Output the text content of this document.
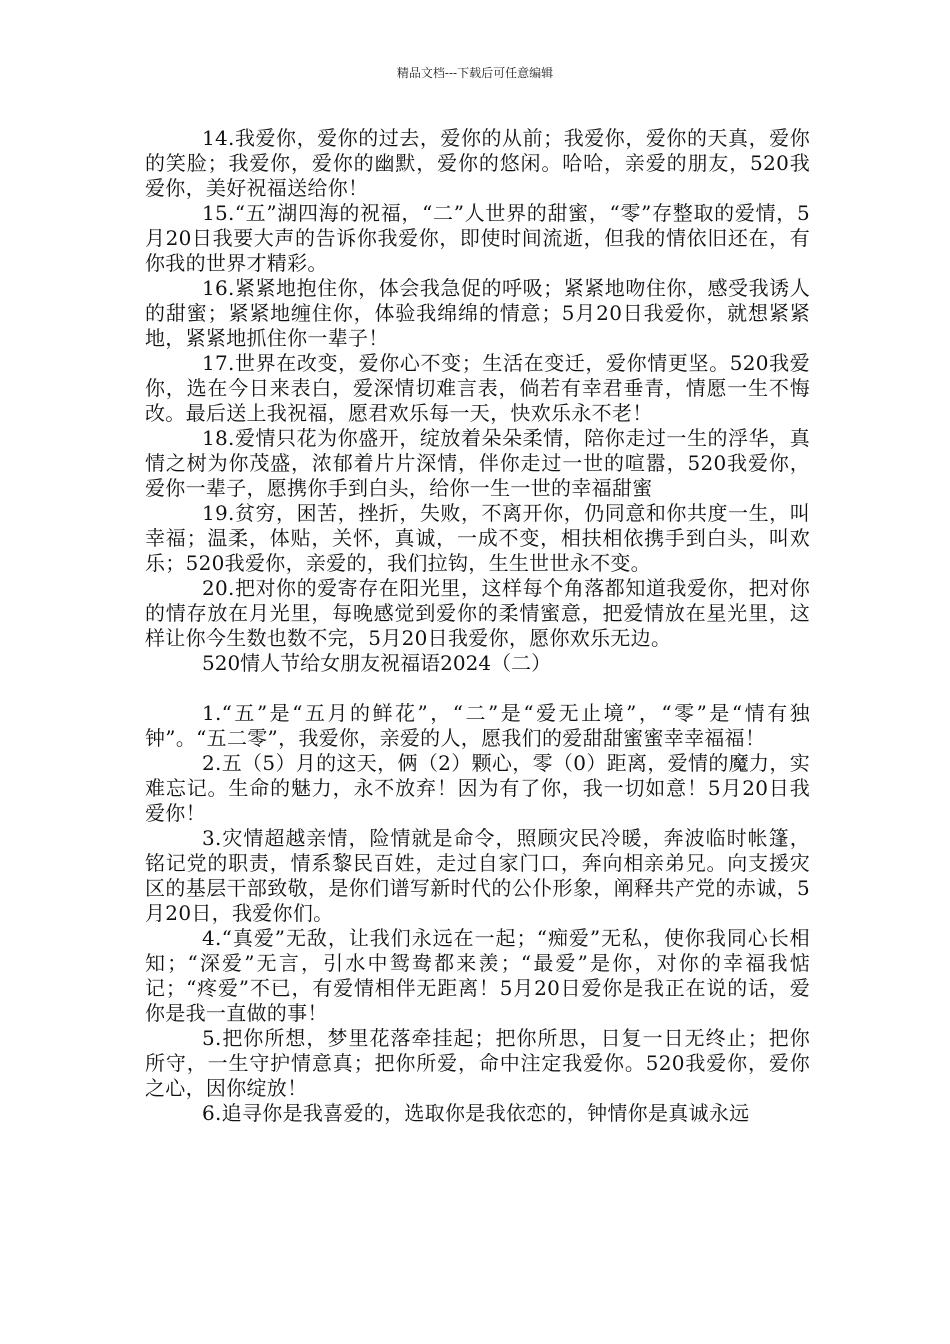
精品文档---下载后可任意编辑

14.我爱你，爱你的过去，爱你的从前；我爱你，爱你的天真，爱你的笑脸；我爱你，爱你的幽默，爱你的悠闲。哈哈，亲爱的朋友，520我爱你，美好祝福送给你！

15.“五”湖四海的祝福，“二”人世界的甜蜜，“零”存整取的爱情，5月20日我要大声的告诉你我爱你，即使时间流逝，但我的情依旧还在，有你我的世界才精彩。

16.紧紧地抱住你，体会我急促的呼吸；紧紧地吻住你，感受我诱人的甜蜜；紧紧地缠住你，体验我绵绵的情意；5月20日我爱你，就想紧紧地，紧紧地抓住你一辈子！

17.世界在改变，爱你心不变；生活在变迁，爱你情更坚。520我爱你，选在今日来表白，爱深情切难言表，倘若有幸君垂青，情愿一生不悔改。最后送上我祝福，愿君欢乐每一天，快欢乐永不老！

18.爱情只花为你盛开，绽放着朵朵柔情，陪你走过一生的浮华，真情之树为你茂盛，浓郁着片片深情，伴你走过一世的喧嚣，520我爱你，爱你一辈子，愿携你手到白头，给你一生一世的幸福甜蜜

19.贫穷，困苦，挫折，失败，不离开你，仍同意和你共度一生，叫幸福；温柔，体贴，关怀，真诚，一成不变，相扶相依携手到白头，叫欢乐；520我爱你，亲爱的，我们拉钩，生生世世永不变。

20.把对你的爱寄存在阳光里，这样每个角落都知道我爱你，把对你的情存放在月光里，每晚感觉到爱你的柔情蜜意，把爱情放在星光里，这样让你今生数也数不完，5月20日我爱你，愿你欢乐无边。

520情人节给女朋友祝福语2024（二）

1.“五”是“五月的鲜花”，“二”是“爱无止境”，“零”是“情有独钟”。“五二零”，我爱你，亲爱的人，愿我们的爱甜甜蜜蜜幸幸福福！

2.五（5）月的这天，俩（2）颗心，零（0）距离，爱情的魔力，实难忘记。生命的魅力，永不放弃！因为有了你，我一切如意！5月20日我爱你！

3.灾情超越亲情，险情就是命令，照顾灾民冷暖，奔波临时帐篷，铭记党的职责，情系黎民百姓，走过自家门口，奔向相亲弟兄。向支援灾区的基层干部致敬，是你们谱写新时代的公仆形象，阐释共产党的赤诚，5月20日，我爱你们。

4.“真爱”无敌，让我们永远在一起；“痴爱”无私，使你我同心长相知；“深爱”无言，引水中鸳鸯都来羡；“最爱”是你，对你的幸福我惦记；“疼爱”不已，有爱情相伴无距离！5月20日爱你是我正在说的话，爱你是我一直做的事！

5.把你所想，梦里花落牵挂起；把你所思，日复一日无终止；把你所守，一生守护情意真；把你所爱，命中注定我爱你。520我爱你，爱你之心，因你绽放！

6.追寻你是我喜爱的，选取你是我依恋的，钟情你是真诚永远
